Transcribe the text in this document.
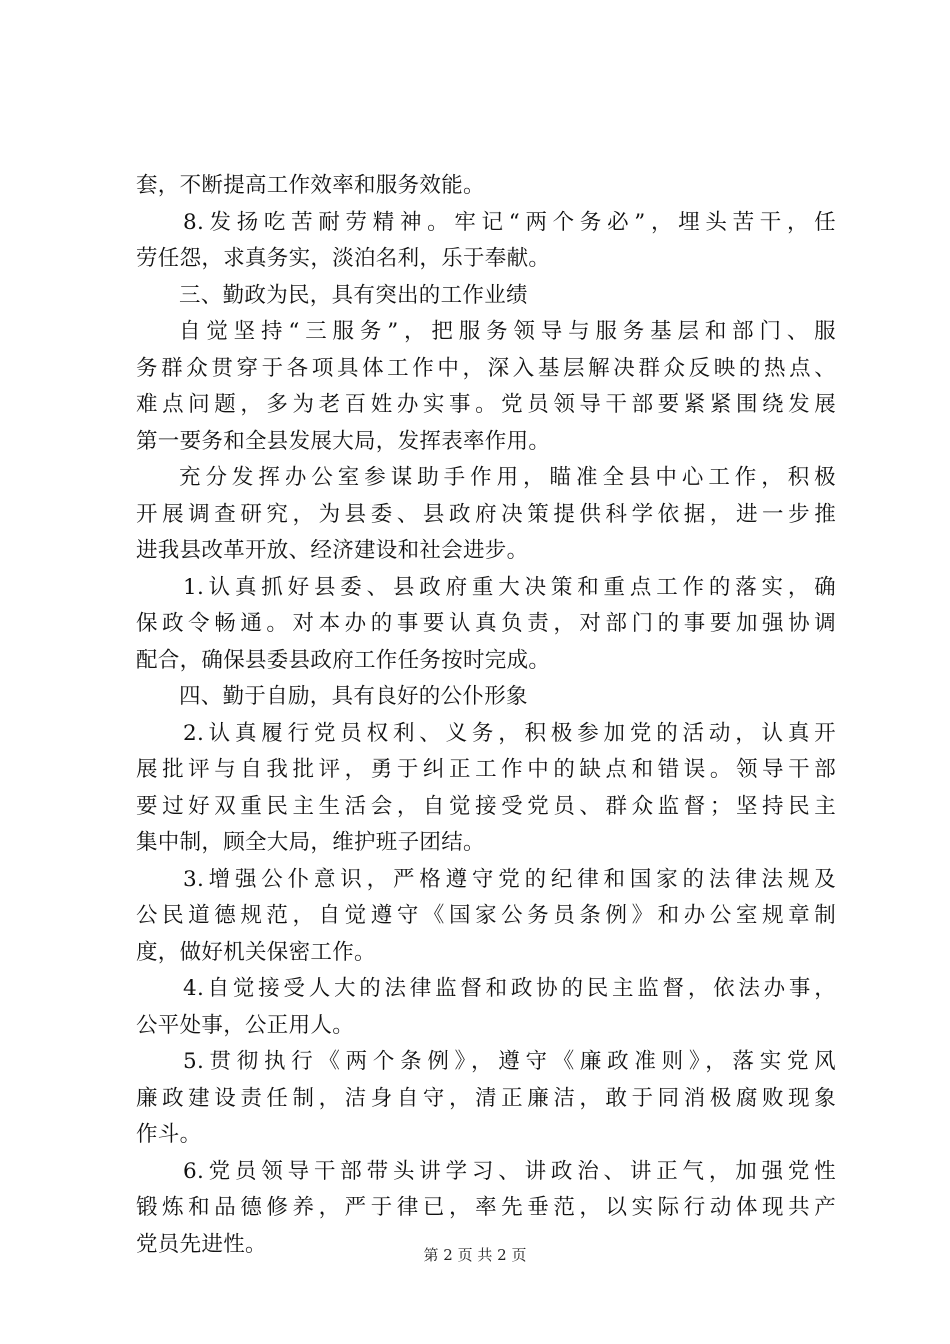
套，不断提高工作效率和服务效能。
8.发扬吃苦耐劳精神。牢记“两个务必”，埋头苦干，任
劳任怨，求真务实，淡泊名利，乐于奉献。
三、勤政为民，具有突出的工作业绩
自觉坚持“三服务”，把服务领导与服务基层和部门、服
务群众贯穿于各项具体工作中，深入基层解决群众反映的热点、
难点问题，多为老百姓办实事。党员领导干部要紧紧围绕发展
第一要务和全县发展大局，发挥表率作用。
充分发挥办公室参谋助手作用，瞄准全县中心工作，积极
开展调查研究，为县委、县政府决策提供科学依据，进一步推
进我县改革开放、经济建设和社会进步。
1.认真抓好县委、县政府重大决策和重点工作的落实，确
保政令畅通。对本办的事要认真负责，对部门的事要加强协调
配合，确保县委县政府工作任务按时完成。
四、勤于自励，具有良好的公仆形象
2.认真履行党员权利、义务，积极参加党的活动，认真开
展批评与自我批评，勇于纠正工作中的缺点和错误。领导干部
要过好双重民主生活会，自觉接受党员、群众监督；坚持民主
集中制，顾全大局，维护班子团结。
3.增强公仆意识，严格遵守党的纪律和国家的法律法规及
公民道德规范，自觉遵守《国家公务员条例》和办公室规章制
度，做好机关保密工作。
4.自觉接受人大的法律监督和政协的民主监督，依法办事，
公平处事，公正用人。
5.贯彻执行《两个条例》，遵守《廉政准则》，落实党风
廉政建设责任制，洁身自守，清正廉洁，敢于同消极腐败现象
作斗。
6.党员领导干部带头讲学习、讲政治、讲正气，加强党性
锻炼和品德修养，严于律已，率先垂范，以实际行动体现共产
党员先进性。	第 2 页 共 2 页
